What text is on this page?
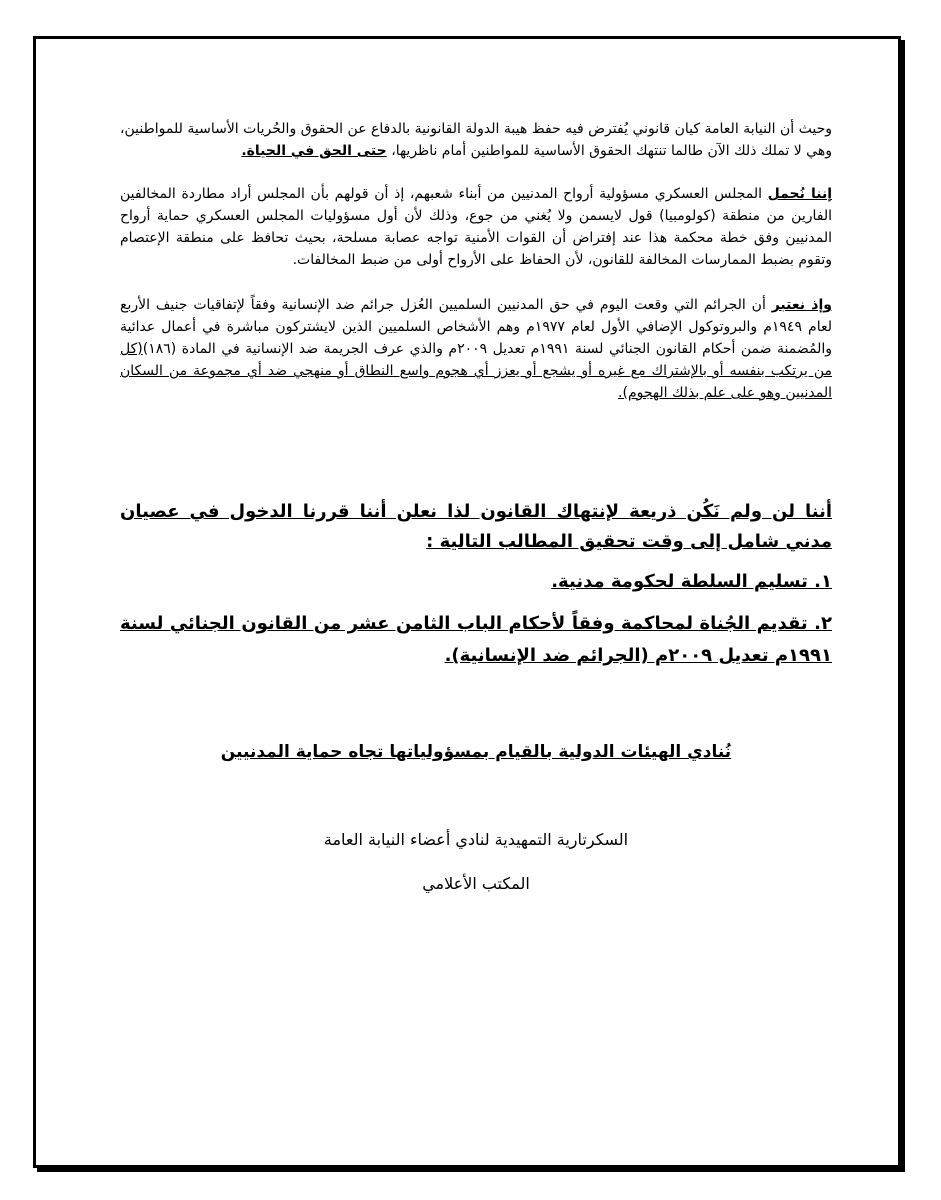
وحيث أن النيابة العامة كيان قانوني يُفترض فيه حفظ هيبة الدولة القانونية بالدفاع عن الحقوق والحُريات الأساسية للمواطنين، وهي لا تملك ذلك الآن طالما تنتهك الحقوق الأساسية للمواطنين أمام ناظريها، حتى الحق في الحياة.

إننا نُحمل المجلس العسكري مسؤولية أرواح المدنيين من أبناء شعبهم، إذ أن قولهم بأن المجلس أراد مطاردة المخالفين الفارين من منطقة (كولومبيا) قول لايسمن ولا يُغني من جوع، وذلك لأن أول مسؤوليات المجلس العسكري حماية أرواح المدنيين وفق خطة محكمة هذا عند إفتراض أن القوات الأمنية تواجه عصابة مسلحة، بحيث تحافظ على منطقة الإعتصام وتقوم بضبط الممارسات المخالفة للقانون، لأن الحفاظ على الأرواح أولى من ضبط المخالفات.

وإذ نعتبر أن الجرائم التي وقعت اليوم في حق المدنيين السلميين العُزل جرائم ضد الإنسانية وفقاً لإتفاقيات جنيف الأربع لعام ١٩٤٩م والبروتوكول الإضافي الأول لعام ١٩٧٧م وهم الأشخاص السلميين الذين لايشتركون مباشرة في أعمال عدائية والمُضمنة ضمن أحكام القانون الجنائي لسنة ١٩٩١م تعديل ٢٠٠٩م والذي عرف الجريمة ضد الإنسانية في المادة (١٨٦)(كل من يرتكب بنفسه أو بالإشتراك مع غيره أو يشجع أو يعزز أي هجوم واسع النطاق أو منهجي ضد أي مجموعة من السكان المدنيين وهو على علم بذلك الهجوم).

أننا لن ولم نَكُن ذريعة لإنتهاك القانون لذا نعلن أننا قررنا الدخول في عصيان مدني شامل إلى وقت تحقيق المطالب التالية :

١. تسليم السلطة لحكومة مدنية.

٢. تقديم الجُناة لمحاكمة وفقاً لأحكام الباب الثامن عشر من القانون الجنائي لسنة ١٩٩١م تعديل ٢٠٠٩م (الجرائم ضد الإنسانية).

نُنادي الهيئات الدولية بالقيام بمسؤولياتها تجاه حماية المدنيين

السكرتارية التمهيدية لنادي أعضاء النيابة العامة

المكتب الأعلامي
